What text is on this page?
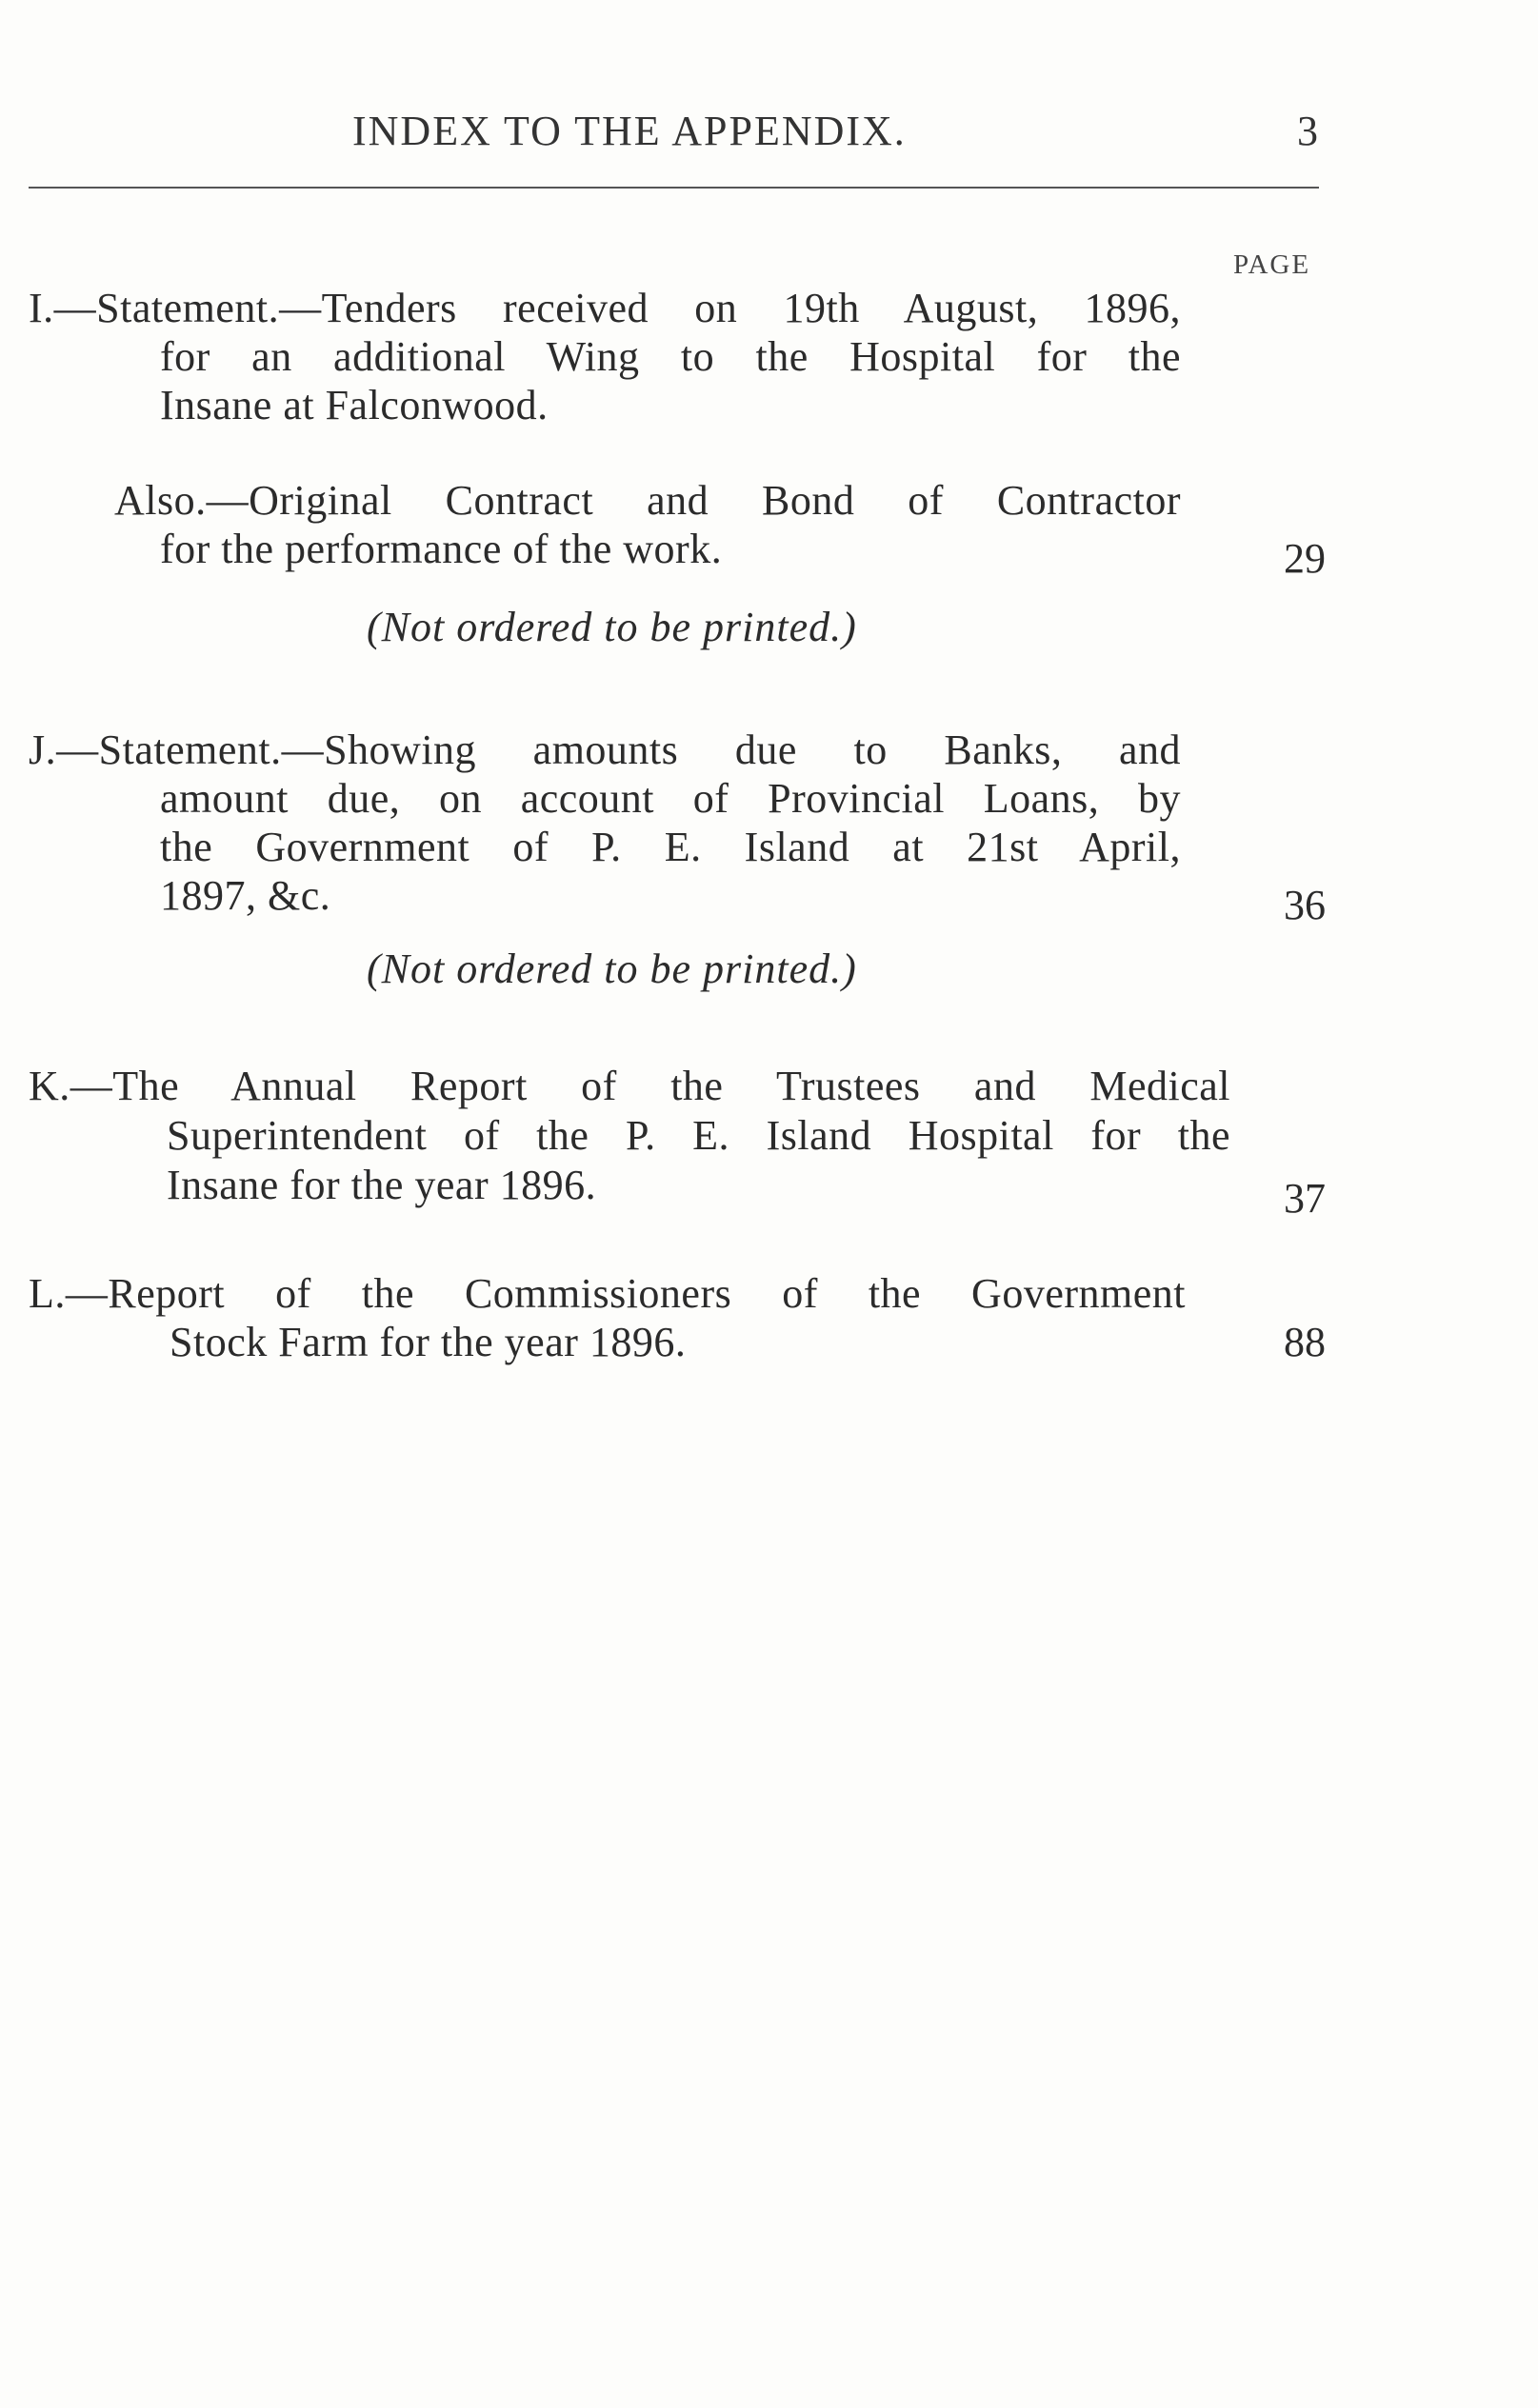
INDEX TO THE APPENDIX.	3
PAGE
I.—Statement.—Tenders received on 19th August, 1896,
for an additional Wing to the Hospital for the
Insane at Falconwood.
Also.—Original Contract and Bond of Contractor
for the performance of the work.	29
(Not ordered to be printed.)
J.—Statement.—Showing amounts due to Banks, and
amount due, on account of Provincial Loans, by
the Government of P. E. Island at 21st April,
1897, &c.	36
(Not ordered to be printed.)
K.—The Annual Report of the Trustees and Medical
Superintendent of the P. E. Island Hospital for the
Insane for the year 1896.	37
L.—Report of the Commissioners of the Government
Stock Farm for the year 1896.	88
